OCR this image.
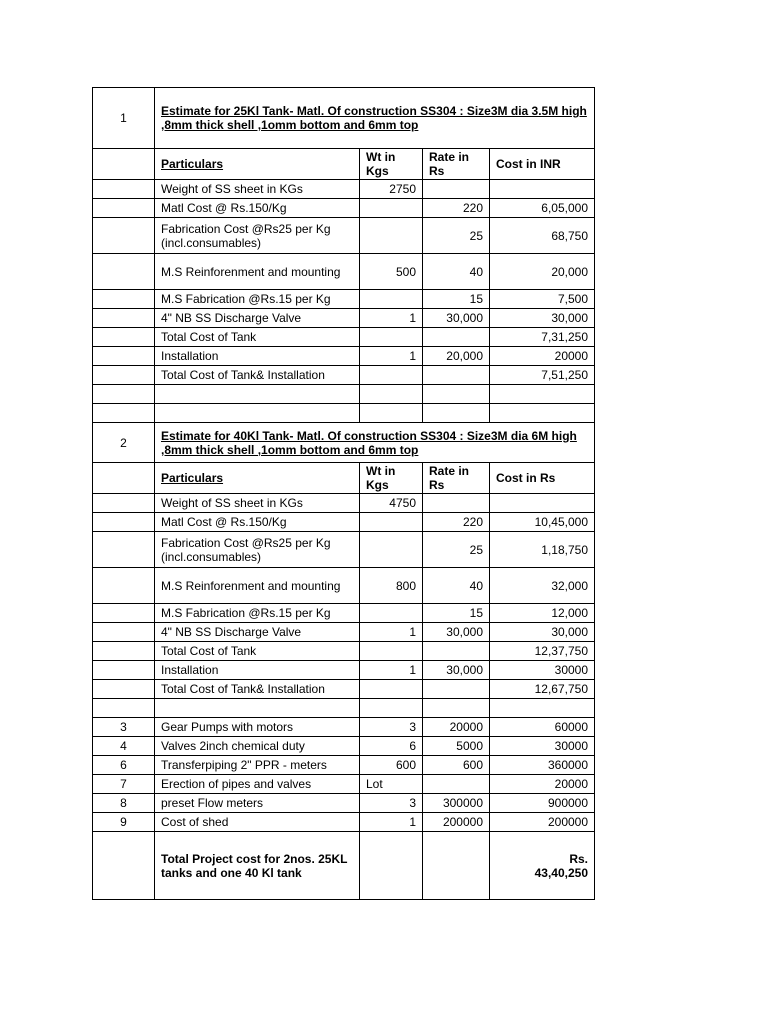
1	Estimate for 25Kl Tank- Matl. Of construction SS304 : Size3M dia 3.5M high ,8mm thick shell ,1omm bottom and 6mm top			
	Particulars	Wt in Kgs	Rate in Rs	Cost in INR
	Weight of SS sheet in KGs	2750		
	Matl Cost @ Rs.150/Kg		220	6,05,000
	Fabrication Cost @Rs25 per Kg (incl.consumables)		25	68,750
	M.S Reinforenment and mounting	500	40	20,000
	M.S Fabrication @Rs.15 per Kg		15	7,500
	4" NB SS Discharge Valve	1	30,000	30,000
	Total Cost of Tank			7,31,250
	Installation	1	20,000	20000
	Total Cost of Tank& Installation			7,51,250

2	Estimate for 40Kl Tank- Matl. Of construction SS304 : Size3M dia 6M high ,8mm thick shell ,1omm bottom and 6mm top			
	Particulars	Wt in Kgs	Rate in Rs	Cost in Rs
	Weight of SS sheet in KGs	4750		
	Matl Cost @ Rs.150/Kg		220	10,45,000
	Fabrication Cost @Rs25 per Kg (incl.consumables)		25	1,18,750
	M.S Reinforenment and mounting	800	40	32,000
	M.S Fabrication @Rs.15 per Kg		15	12,000
	4" NB SS Discharge Valve	1	30,000	30,000
	Total Cost of Tank			12,37,750
	Installation	1	30,000	30000
	Total Cost of Tank& Installation			12,67,750

3	Gear Pumps with motors	3	20000	60000
4	Valves 2inch chemical duty	6	5000	30000
6	Transferpiping 2" PPR - meters	600	600	360000
7	Erection of pipes and valves	Lot		20000
8	preset Flow meters	3	300000	900000
9	Cost of shed	1	200000	200000
	Total Project cost for 2nos. 25KL tanks and one 40 Kl tank			Rs.
43,40,250
